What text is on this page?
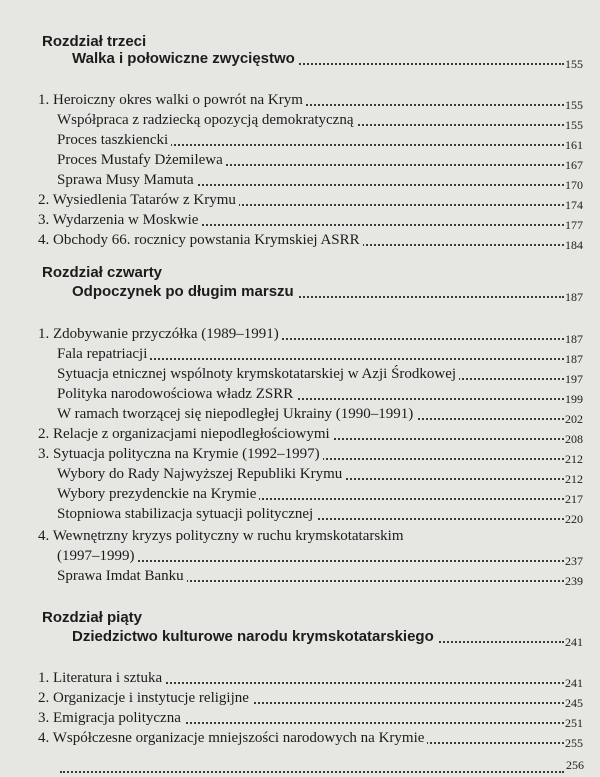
Rozdział trzeci
Walka i połowiczne zwycięstwo	155
1. Heroiczny okres walki o powrót na Krym	155
Współpraca z radziecką opozycją demokratyczną	155
Proces taszkiencki	161
Proces Mustafy Dżemilewa	167
Sprawa Musy Mamuta	170
2. Wysiedlenia Tatarów z Krymu	174
3. Wydarzenia w Moskwie	177
4. Obchody 66. rocznicy powstania Krymskiej ASRR	184
Rozdział czwarty
Odpoczynek po długim marszu	187
1. Zdobywanie przyczółka (1989–1991)	187
Fala repatriacji	187
Sytuacja etnicznej wspólnoty krymskotatarskiej w Azji Środkowej	197
Polityka narodowościowa władz ZSRR	199
W ramach tworzącej się niepodległej Ukrainy (1990–1991)	202
2. Relacje z organizacjami niepodległościowymi	208
3. Sytuacja polityczna na Krymie (1992–1997)	212
Wybory do Rady Najwyższej Republiki Krymu	212
Wybory prezydenckie na Krymie	217
Stopniowa stabilizacja sytuacji politycznej	220
4. Wewnętrzny kryzys polityczny w ruchu krymskotatarskim
(1997–1999)	237
Sprawa Imdat Banku	239
Rozdział piąty
Dziedzictwo kulturowe narodu krymskotatarskiego	241
1. Literatura i sztuka	241
2. Organizacje i instytucje religijne	245
3. Emigracja polityczna	251
4. Współczesne organizacje mniejszości narodowych na Krymie	255
256
